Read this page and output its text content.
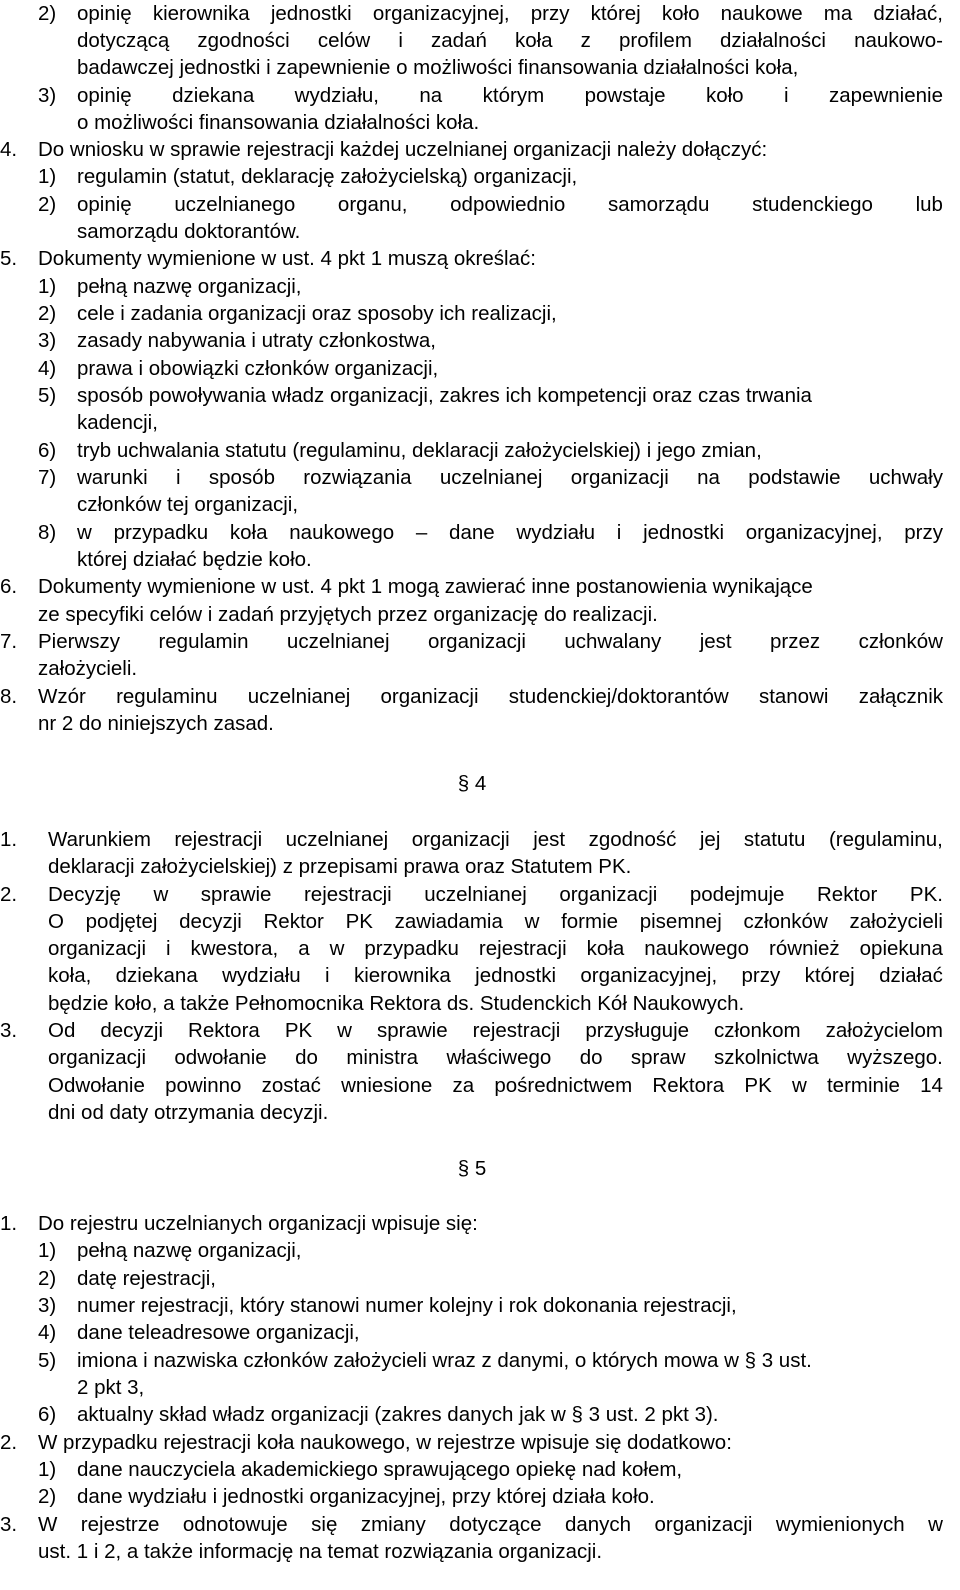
2) opinię kierownika jednostki organizacyjnej, przy której koło naukowe ma działać,
dotyczącą zgodności celów i zadań koła z profilem działalności naukowo-
badawczej jednostki i zapewnienie o możliwości finansowania działalności koła,
3) opinię dziekana wydziału, na którym powstaje koło i zapewnienie
o możliwości finansowania działalności koła.
4. Do wniosku w sprawie rejestracji każdej uczelnianej organizacji należy dołączyć:
1) regulamin (statut, deklarację założycielską) organizacji,
2) opinię uczelnianego organu, odpowiednio samorządu studenckiego lub
samorządu doktorantów.
5. Dokumenty wymienione w ust. 4 pkt 1 muszą określać:
1) pełną nazwę organizacji,
2) cele i zadania organizacji oraz sposoby ich realizacji,
3) zasady nabywania i utraty członkostwa,
4) prawa i obowiązki członków organizacji,
5) sposób powoływania władz organizacji, zakres ich kompetencji oraz czas trwania
kadencji,
6) tryb uchwalania statutu (regulaminu, deklaracji założycielskiej) i jego zmian,
7) warunki i sposób rozwiązania uczelnianej organizacji na podstawie uchwały
członków tej organizacji,
8) w przypadku koła naukowego – dane wydziału i jednostki organizacyjnej, przy
której działać będzie koło.
6. Dokumenty wymienione w ust. 4 pkt 1 mogą zawierać inne postanowienia wynikające
ze specyfiki celów i zadań przyjętych przez organizację do realizacji.
7. Pierwszy regulamin uczelnianej organizacji uchwalany jest przez członków
założycieli.
8. Wzór regulaminu uczelnianej organizacji studenckiej/doktorantów stanowi załącznik
nr 2 do niniejszych zasad.
§ 4
1. Warunkiem rejestracji uczelnianej organizacji jest zgodność jej statutu (regulaminu,
deklaracji założycielskiej) z przepisami prawa oraz Statutem PK.
2. Decyzję w sprawie rejestracji uczelnianej organizacji podejmuje Rektor PK.
O podjętej decyzji Rektor PK zawiadamia w formie pisemnej członków założycieli
organizacji i kwestora, a w przypadku rejestracji koła naukowego również opiekuna
koła, dziekana wydziału i kierownika jednostki organizacyjnej, przy której działać
będzie koło, a także Pełnomocnika Rektora ds. Studenckich Kół Naukowych.
3. Od decyzji Rektora PK w sprawie rejestracji przysługuje członkom założycielom
organizacji odwołanie do ministra właściwego do spraw szkolnictwa wyższego.
Odwołanie powinno zostać wniesione za pośrednictwem Rektora PK w terminie 14
dni od daty otrzymania decyzji.
§ 5
1. Do rejestru uczelnianych organizacji wpisuje się:
1) pełną nazwę organizacji,
2) datę rejestracji,
3) numer rejestracji, który stanowi numer kolejny i rok dokonania rejestracji,
4) dane teleadresowe organizacji,
5) imiona i nazwiska członków założycieli wraz z danymi, o których mowa w § 3 ust.
2 pkt 3,
6) aktualny skład władz organizacji (zakres danych jak w § 3 ust. 2 pkt 3).
2. W przypadku rejestracji koła naukowego, w rejestrze wpisuje się dodatkowo:
1) dane nauczyciela akademickiego sprawującego opiekę nad kołem,
2) dane wydziału i jednostki organizacyjnej, przy której działa koło.
3. W rejestrze odnotowuje się zmiany dotyczące danych organizacji wymienionych w
ust. 1 i 2, a także informację na temat rozwiązania organizacji.
